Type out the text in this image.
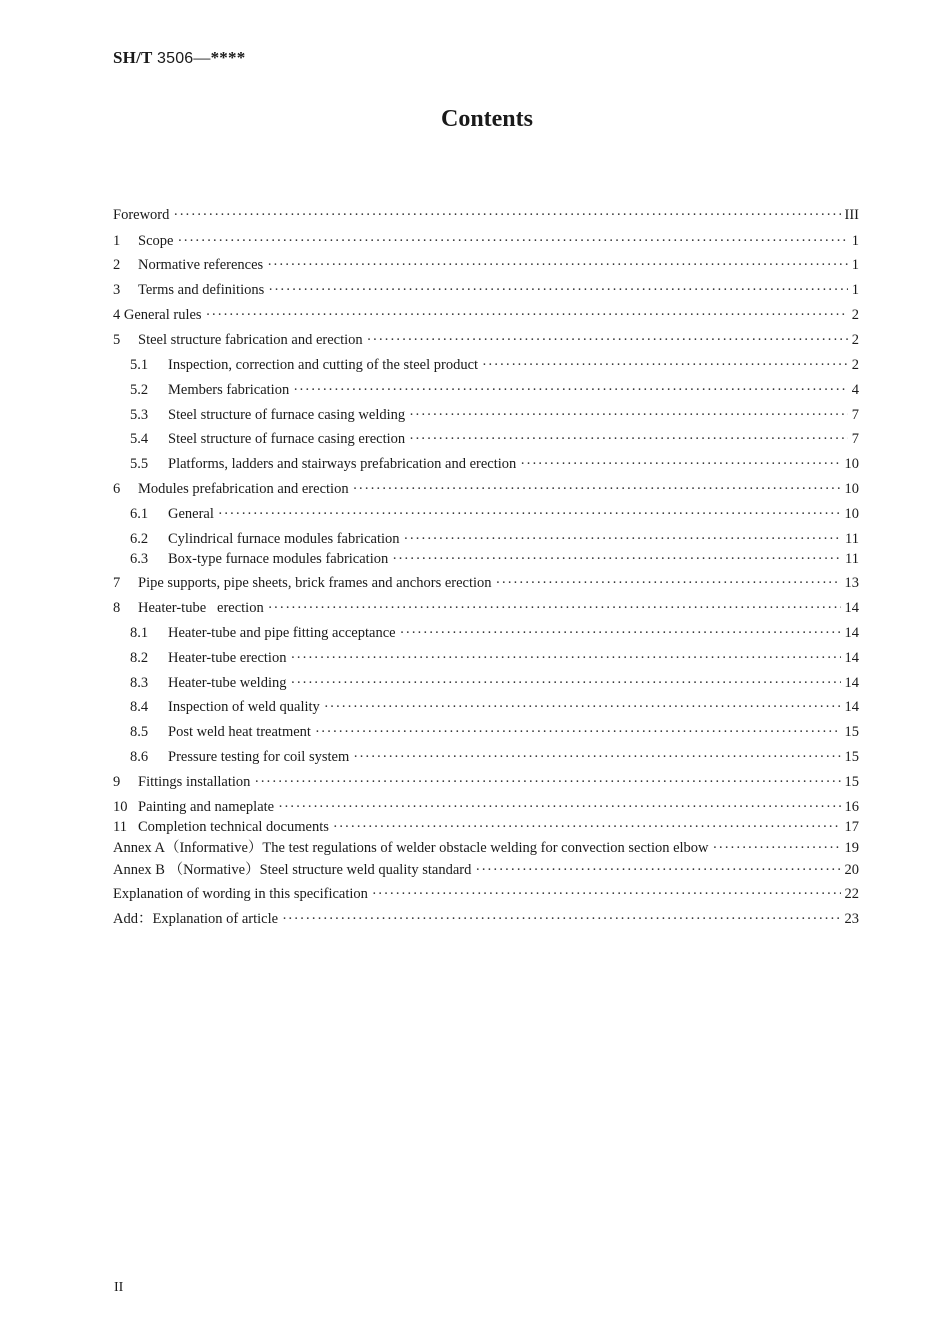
SH/T 3506—****
Contents
Foreword ·····	III
1	Scope ·····	1
2	Normative references ·····	1
3	Terms and definitions ·····	1
4 General rules ·····	2
5	Steel structure fabrication and erection ·····	2
5.1	Inspection, correction and cutting of the steel product ·····	2
5.2	Members fabrication ·····	4
5.3	Steel structure of furnace casing welding ·····	7
5.4	Steel structure of furnace casing erection ·····	7
5.5	Platforms, ladders and stairways prefabrication and erection ·····	10
6	Modules prefabrication and erection ·····	10
6.1	General ·····	10
6.2	Cylindrical furnace modules fabrication ·····	11
6.3	Box-type furnace modules fabrication ·····	11
7	Pipe supports, pipe sheets, brick frames and anchors erection ·····	13
8	Heater-tube   erection ·····	14
8.1	Heater-tube and pipe fitting acceptance ·····	14
8.2	Heater-tube erection ·····	14
8.3	Heater-tube welding ·····	14
8.4	Inspection of weld quality ·····	14
8.5	Post weld heat treatment ·····	15
8.6	Pressure testing for coil system ·····	15
9	Fittings installation ·····	15
10 Painting and nameplate ·····	16
11 Completion technical documents ·····	17
Annex A（Informative）The test regulations of welder obstacle welding for convection section elbow ·····	19
Annex B （Normative）Steel structure weld quality standard ·····	20
Explanation of wording in this specification ·····	22
Add：Explanation of article ·····	23
II
